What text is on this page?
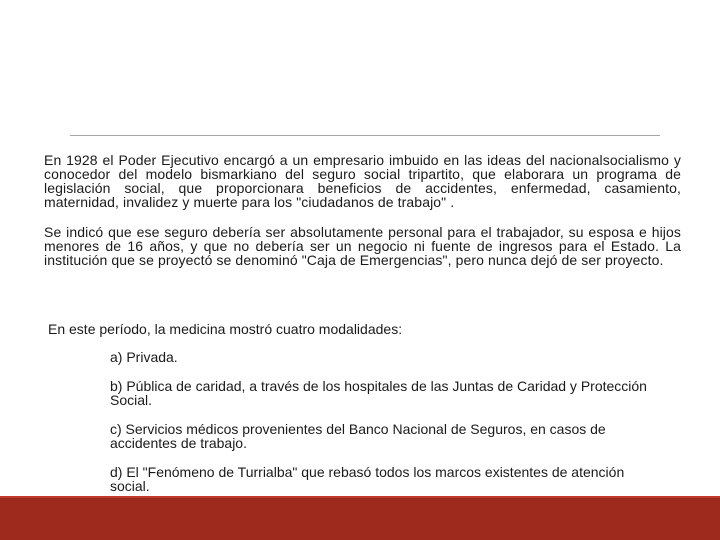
En 1928 el Poder Ejecutivo encargó a un empresario imbuido en las ideas del nacionalsocialismo y conocedor del modelo bismarkiano del seguro social tripartito, que elaborara un programa de legislación social, que proporcionara beneficios de accidentes, enfermedad, casamiento, maternidad, invalidez y muerte para los "ciudadanos de trabajo" .

Se indicó que ese seguro debería ser absolutamente personal para el trabajador, su esposa e hijos menores de 16 años, y que no debería ser un negocio ni fuente de ingresos para el Estado. La institución que se proyectó se denominó "Caja de Emergencias", pero nunca dejó de ser proyecto.

En este período, la medicina mostró cuatro modalidades:

a) Privada.
b) Pública de caridad, a través de los hospitales de las Juntas de Caridad y Protección Social.
c) Servicios médicos provenientes del Banco Nacional de Seguros, en casos de accidentes de trabajo.
d) El "Fenómeno de Turrialba" que rebasó todos los marcos existentes de atención social.
